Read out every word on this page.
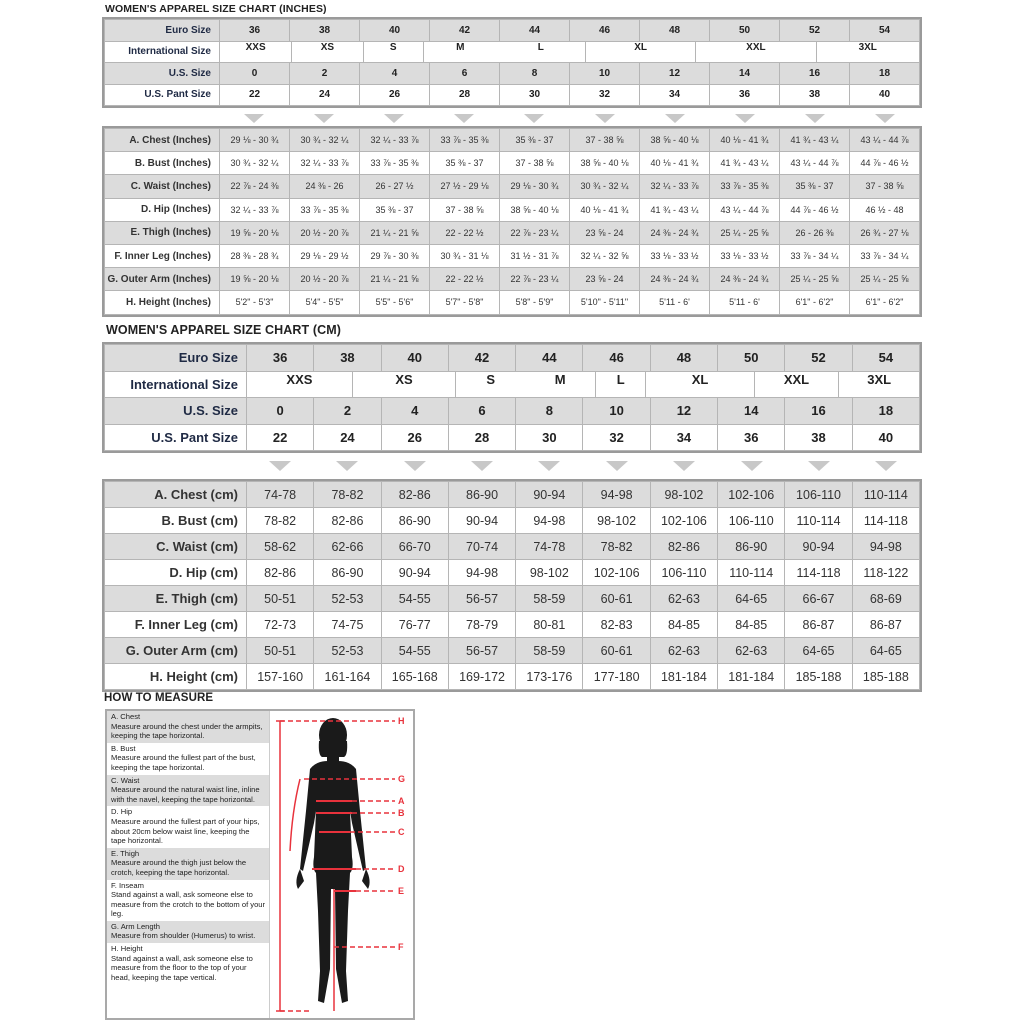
WOMEN'S APPAREL SIZE CHART (INCHES)
Euro Size	36	38	40	42	44	46	48	50	52	54
International Size	XXS	XS	S	M	L	XL	XXL	3XL

U.S. Size	0	2	4	6	8	10	12	14	16	18
U.S. Pant Size	22	24	26	28	30	32	34	36	38	40
A. Chest (Inches)	29 ⅛ - 30 ¾	30 ¾ - 32 ¼	32 ¼ - 33 ⅞	33 ⅞ - 35 ⅜	35 ⅜ - 37	37 - 38 ⅝	38 ⅝ - 40 ⅛	40 ⅛ - 41 ¾	41 ¾ - 43 ¼	43 ¼ - 44 ⅞
B. Bust (Inches)	30 ¾ - 32 ¼	32 ¼ - 33 ⅞	33 ⅞ - 35 ⅜	35 ⅜ - 37	37 - 38 ⅝	38 ⅝ - 40 ⅛	40 ⅛ - 41 ¾	41 ¾ - 43 ¼	43 ¼ - 44 ⅞	44 ⅞ - 46 ½
C. Waist (Inches)	22 ⅞ - 24 ⅜	24 ⅜ - 26	26 - 27 ½	27 ½ - 29 ⅛	29 ⅛ - 30 ¾	30 ¾ - 32 ¼	32 ¼ - 33 ⅞	33 ⅞ - 35 ⅜	35 ⅜ - 37	37 - 38 ⅝
D. Hip (Inches)	32 ¼ - 33 ⅞	33 ⅞ - 35 ⅜	35 ⅜ - 37	37 - 38 ⅝	38 ⅝ - 40 ⅛	40 ⅛ - 41 ¾	41 ¾ - 43 ¼	43 ¼ - 44 ⅞	44 ⅞ - 46 ½	46 ½ - 48
E. Thigh (Inches)	19 ⅝ - 20 ⅛	20 ½ - 20 ⅞	21 ¼ - 21 ⅝	22 - 22 ½	22 ⅞ - 23 ¼	23 ⅝ - 24	24 ⅜ - 24 ¾	25 ¼ - 25 ⅝	26 - 26 ⅜	26 ¾ - 27 ⅛
F. Inner Leg (Inches)	28 ⅜ - 28 ¾	29 ⅛ - 29 ½	29 ⅞ - 30 ⅜	30 ¾ - 31 ⅛	31 ½ - 31 ⅞	32 ¼ - 32 ⅝	33 ⅛ - 33 ½	33 ⅛ - 33 ½	33 ⅞ - 34 ¼	33 ⅞ - 34 ¼
G. Outer Arm (Inches)	19 ⅝ - 20 ⅛	20 ½ - 20 ⅞	21 ¼ - 21 ⅝	22 - 22 ½	22 ⅞ - 23 ¼	23 ⅝ - 24	24 ⅜ - 24 ¾	24 ⅜ - 24 ¾	25 ¼ - 25 ⅝	25 ¼ - 25 ⅝
H. Height (Inches)	5'2" - 5'3"	5'4" - 5'5"	5'5" - 5'6"	5'7" - 5'8"	5'8" - 5'9"	5'10" - 5'11"	5'11 - 6'	5'11 - 6'	6'1" - 6'2"	6'1" - 6'2"
WOMEN'S APPAREL SIZE CHART (CM)
Euro Size	36	38	40	42	44	46	48	50	52	54
International Size	XXS	XS	S	M	L	XL	XXL	3XL

U.S. Size	0	2	4	6	8	10	12	14	16	18
U.S. Pant Size	22	24	26	28	30	32	34	36	38	40
A. Chest (cm)	74-78	78-82	82-86	86-90	90-94	94-98	98-102	102-106	106-110	110-114
B. Bust (cm)	78-82	82-86	86-90	90-94	94-98	98-102	102-106	106-110	110-114	114-118
C. Waist (cm)	58-62	62-66	66-70	70-74	74-78	78-82	82-86	86-90	90-94	94-98
D. Hip (cm)	82-86	86-90	90-94	94-98	98-102	102-106	106-110	110-114	114-118	118-122
E. Thigh (cm)	50-51	52-53	54-55	56-57	58-59	60-61	62-63	64-65	66-67	68-69
F. Inner Leg (cm)	72-73	74-75	76-77	78-79	80-81	82-83	84-85	84-85	86-87	86-87
G. Outer Arm (cm)	50-51	52-53	54-55	56-57	58-59	60-61	62-63	62-63	64-65	64-65
H. Height (cm)	157-160	161-164	165-168	169-172	173-176	177-180	181-184	181-184	185-188	185-188
HOW TO MEASURE
A. Chest
Measure around the chest under the armpits, keeping the tape horizontal.
B. Bust
Measure around the fullest part of the bust, keeping the tape horizontal.
C. Waist
Measure around the natural waist line, inline with the navel, keeping the tape horizontal.
D. Hip
Measure around the fullest part of your hips, about 20cm below waist line, keeping the tape horizontal.
E. Thigh
Measure around the thigh just below the crotch, keeping the tape horizontal.
F. Inseam
Stand against a wall, ask someone else to measure from the crotch to the bottom of your leg.
G. Arm Length
Measure from shoulder (Humerus) to wrist.
H. Height
Stand against a wall, ask someone else to measure from the floor to the top of your head, keeping the tape vertical.
H
G
A
B
C
D
E
F
